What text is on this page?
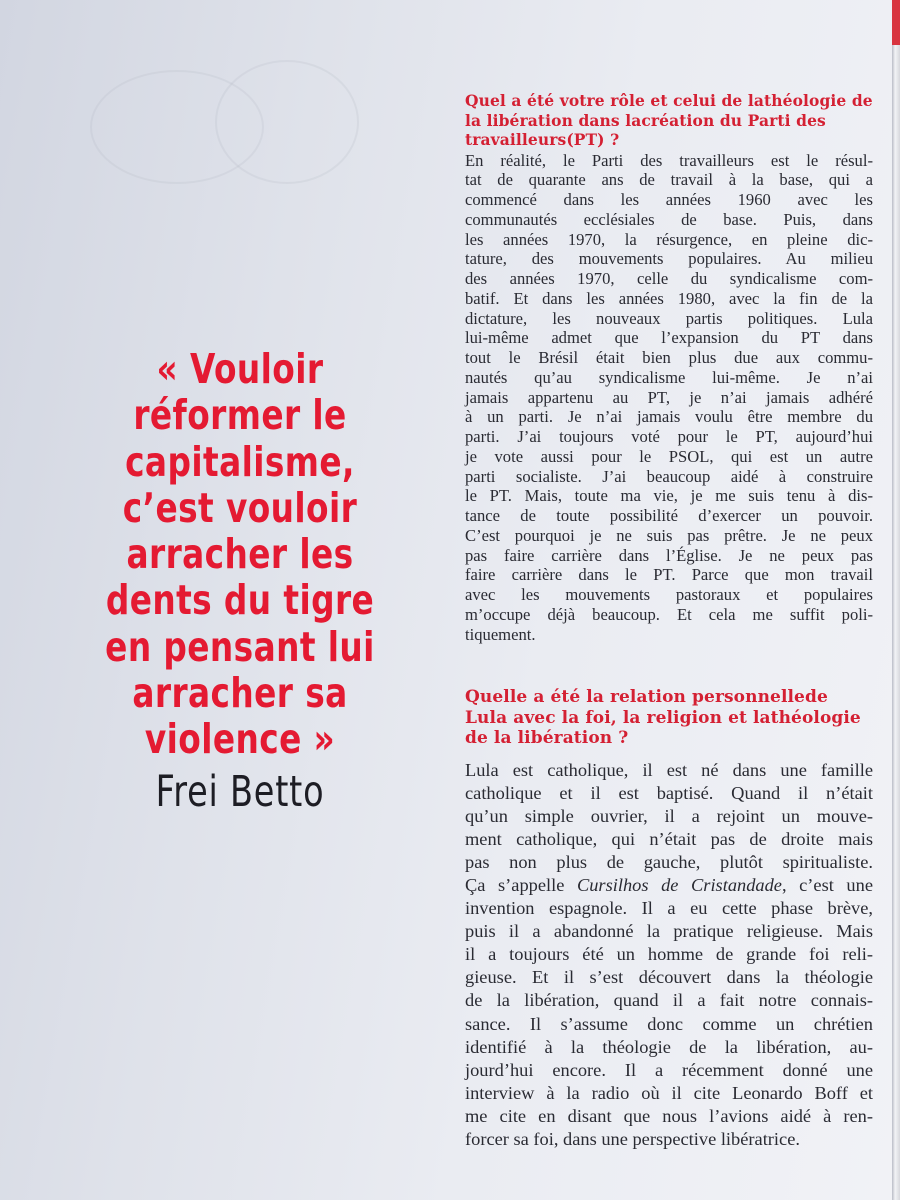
« Vouloir
réformer le
capitalisme,
c’est vouloir
arracher les
dents du tigre
en pensant lui
arracher sa
violence »
Frei Betto
Quel a été votre rôle et celui de lathéologie de la libération dans lacréation du Parti des travailleurs(PT) ?
En réalité, le Parti des travailleurs est le résul-
tat de quarante ans de travail à la base, qui a
commencé dans les années 1960 avec les
communautés ecclésiales de base. Puis, dans
les années 1970, la résurgence, en pleine dic-
tature, des mouvements populaires. Au milieu
des années 1970, celle du syndicalisme com-
batif. Et dans les années 1980, avec la fin de la
dictature, les nouveaux partis politiques. Lula
lui-même admet que l’expansion du PT dans
tout le Brésil était bien plus due aux commu-
nautés qu’au syndicalisme lui-même. Je n’ai
jamais appartenu au PT, je n’ai jamais adhéré
à un parti. Je n’ai jamais voulu être membre du
parti. J’ai toujours voté pour le PT, aujourd’hui
je vote aussi pour le PSOL, qui est un autre
parti socialiste. J’ai beaucoup aidé à construire
le PT. Mais, toute ma vie, je me suis tenu à dis-
tance de toute possibilité d’exercer un pouvoir.
C’est pourquoi je ne suis pas prêtre. Je ne peux
pas faire carrière dans l’Église. Je ne peux pas
faire carrière dans le PT. Parce que mon travail
avec les mouvements pastoraux et populaires
m’occupe déjà beaucoup. Et cela me suffit poli-
tiquement.
Quelle a été la relation personnellede Lula avec la foi, la religion et lathéologie de la libération ?
Lula est catholique, il est né dans une famille
catholique et il est baptisé. Quand il n’était
qu’un simple ouvrier, il a rejoint un mouve-
ment catholique, qui n’était pas de droite mais
pas non plus de gauche, plutôt spiritualiste.
Ça s’appelle Cursilhos de Cristandade, c’est une
invention espagnole. Il a eu cette phase brève,
puis il a abandonné la pratique religieuse. Mais
il a toujours été un homme de grande foi reli-
gieuse. Et il s’est découvert dans la théologie
de la libération, quand il a fait notre connais-
sance. Il s’assume donc comme un chrétien
identifié à la théologie de la libération, au-
jourd’hui encore. Il a récemment donné une
interview à la radio où il cite Leonardo Boff et
me cite en disant que nous l’avions aidé à ren-
forcer sa foi, dans une perspective libératrice.
